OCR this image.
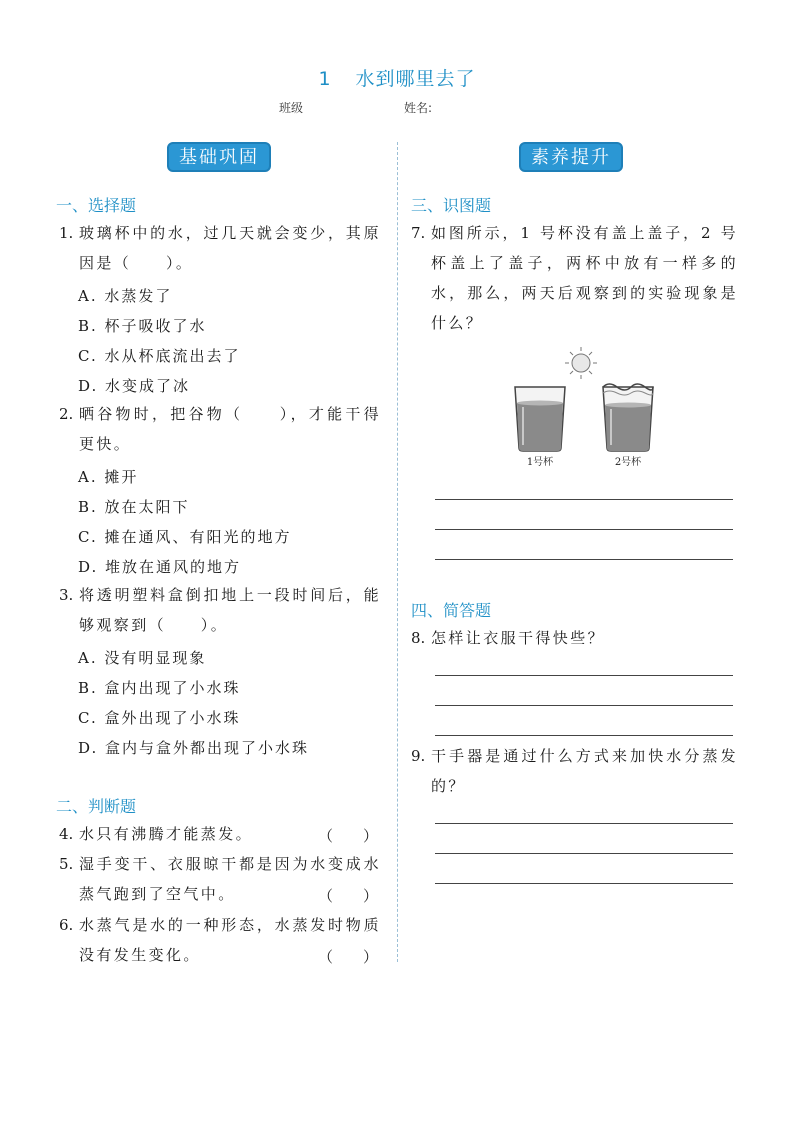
1 水到哪里去了
班级	姓名:
基础巩固	素养提升
一、选择题
1. 玻璃杯中的水，过几天就会变少，其原因是（　　）。
A. 水蒸发了
B. 杯子吸收了水
C. 水从杯底流出去了
D. 水变成了冰
2. 晒谷物时，把谷物（　　），才能干得更快。
A. 摊开
B. 放在太阳下
C. 摊在通风、有阳光的地方
D. 堆放在通风的地方
3. 将透明塑料盒倒扣地上一段时间后，能够观察到（　　）。
A. 没有明显现象
B. 盒内出现了小水珠
C. 盒外出现了小水珠
D. 盒内与盒外都出现了小水珠
二、判断题
4. 水只有沸腾才能蒸发。	（　　）
5. 湿手变干、衣服晾干都是因为水变成水蒸气跑到了空气中。	（　　）
6. 水蒸气是水的一种形态，水蒸发时物质没有发生变化。	（　　）
三、识图题
7. 如图所示，1 号杯没有盖上盖子，2 号杯盖上了盖子，两杯中放有一样多的水，那么，两天后观察到的实验现象是什么？
1号杯	2号杯
四、简答题
8. 怎样让衣服干得快些？
9. 干手器是通过什么方式来加快水分蒸发的？
